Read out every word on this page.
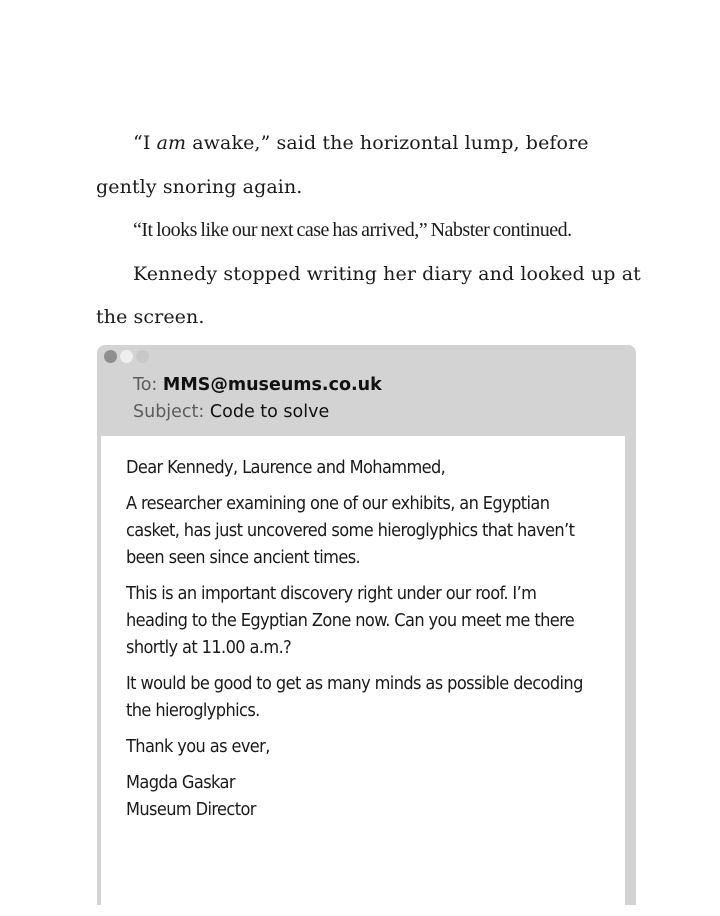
“I am awake,” said the horizontal lump, before gently snoring again.

“It looks like our next case has arrived,” Nabster continued.

Kennedy stopped writing her diary and looked up at the screen.

To: MMS@museums.co.uk
Subject: Code to solve

Dear Kennedy, Laurence and Mohammed,

A researcher examining one of our exhibits, an Egyptian casket, has just uncovered some hieroglyphics that haven’t been seen since ancient times.

This is an important discovery right under our roof. I’m heading to the Egyptian Zone now. Can you meet me there shortly at 11.00 a.m.?

It would be good to get as many minds as possible decoding the hieroglyphics.

Thank you as ever,

Magda Gaskar
Museum Director
